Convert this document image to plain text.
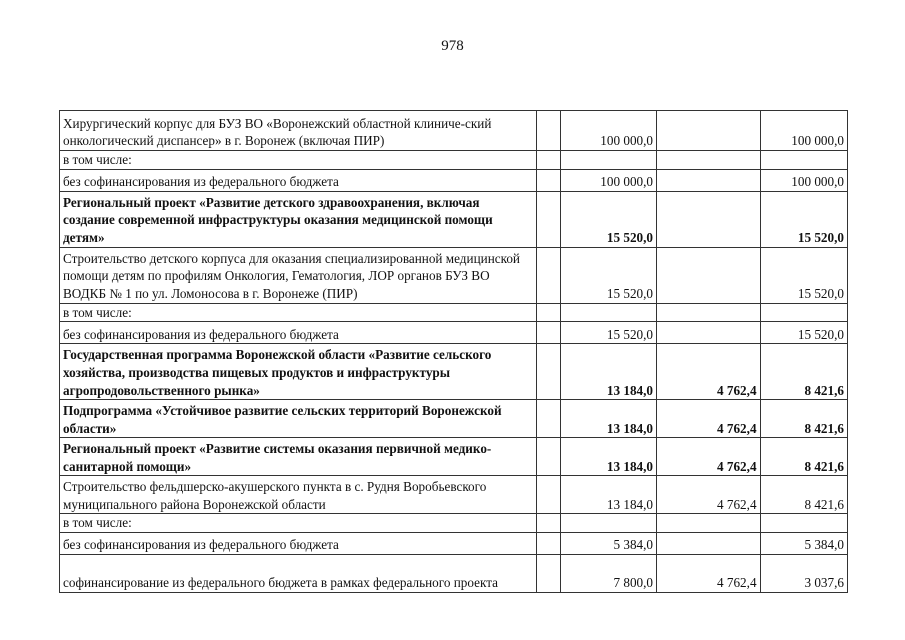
978
Хирургический корпус для БУЗ ВО «Воронежский областной клиниче-ский онкологический диспансер» в г. Воронеж (включая ПИР)		100 000,0		100 000,0
в том числе:				
без софинансирования из федерального бюджета		100 000,0		100 000,0
Региональный проект «Развитие детского здравоохранения, включая создание современной инфраструктуры оказания медицинской помощи детям»		15 520,0		15 520,0
Строительство детского корпуса для оказания специализированной медицинской помощи детям по профилям Онкология, Гематология, ЛОР органов БУЗ ВО ВОДКБ № 1 по ул. Ломоносова в г. Воронеже (ПИР)		15 520,0		15 520,0
в том числе:				
без софинансирования из федерального бюджета		15 520,0		15 520,0
Государственная программа Воронежской области «Развитие сельского хозяйства, производства пищевых продуктов и инфраструктуры агропродовольственного рынка»		13 184,0	4 762,4	8 421,6
Подпрограмма «Устойчивое развитие сельских территорий Воронежской области»		13 184,0	4 762,4	8 421,6
Региональный проект «Развитие системы оказания первичной медико-санитарной помощи»		13 184,0	4 762,4	8 421,6
Строительство фельдшерско-акушерского пункта в с. Рудня Воробьевского муниципального района Воронежской области		13 184,0	4 762,4	8 421,6
в том числе:				
без софинансирования из федерального бюджета		5 384,0		5 384,0
софинансирование из федерального бюджета в рамках федерального проекта		7 800,0	4 762,4	3 037,6
